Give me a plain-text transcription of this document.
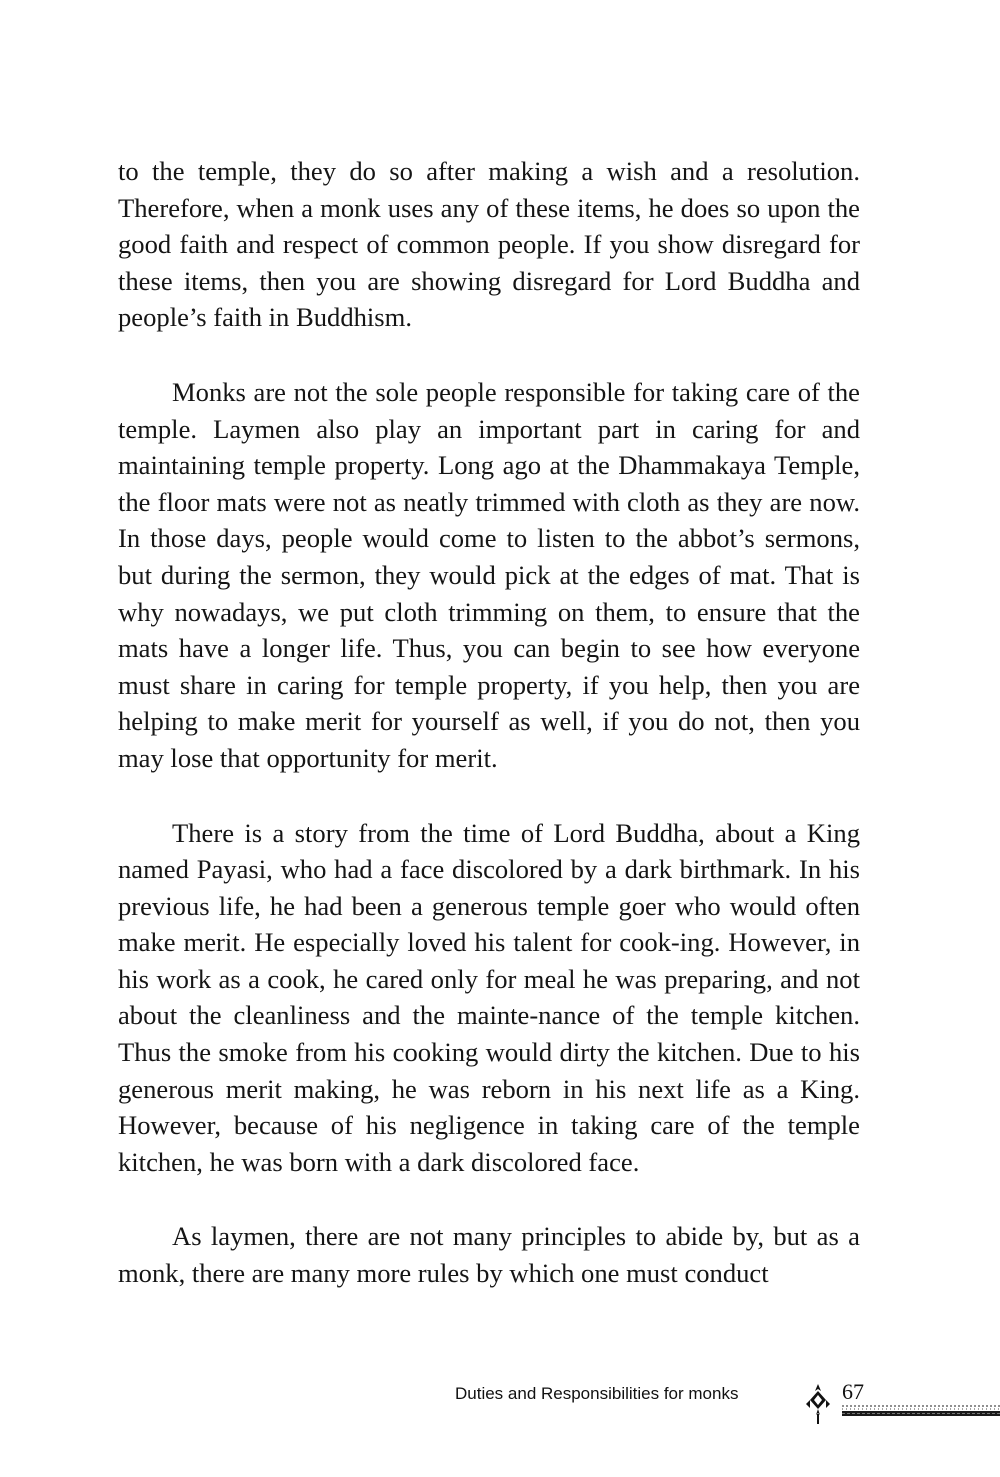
to the temple, they do so after making a wish and a resolution. Therefore, when a monk uses any of these items, he does so upon the good faith and respect of common people. If you show disregard for these items, then you are showing disregard for Lord Buddha and people’s faith in Buddhism.

Monks are not the sole people responsible for taking care of the temple. Laymen also play an important part in caring for and maintaining temple property. Long ago at the Dhammakaya Temple, the floor mats were not as neatly trimmed with cloth as they are now. In those days, people would come to listen to the abbot’s sermons, but during the sermon, they would pick at the edges of mat. That is why nowadays, we put cloth trimming on them, to ensure that the mats have a longer life. Thus, you can begin to see how everyone must share in caring for temple property, if you help, then you are helping to make merit for yourself as well, if you do not, then you may lose that opportunity for merit.

There is a story from the time of Lord Buddha, about a King named Payasi, who had a face discolored by a dark birthmark. In his previous life, he had been a generous temple goer who would often make merit. He especially loved his talent for cook-ing. However, in his work as a cook, he cared only for meal he was preparing, and not about the cleanliness and the mainte-nance of the temple kitchen. Thus the smoke from his cooking would dirty the kitchen. Due to his generous merit making, he was reborn in his next life as a King. However, because of his negligence in taking care of the temple kitchen, he was born with a dark discolored face.

As laymen, there are not many principles to abide by, but as a monk, there are many more rules by which one must conduct

Duties and Responsibilities for monks	67
